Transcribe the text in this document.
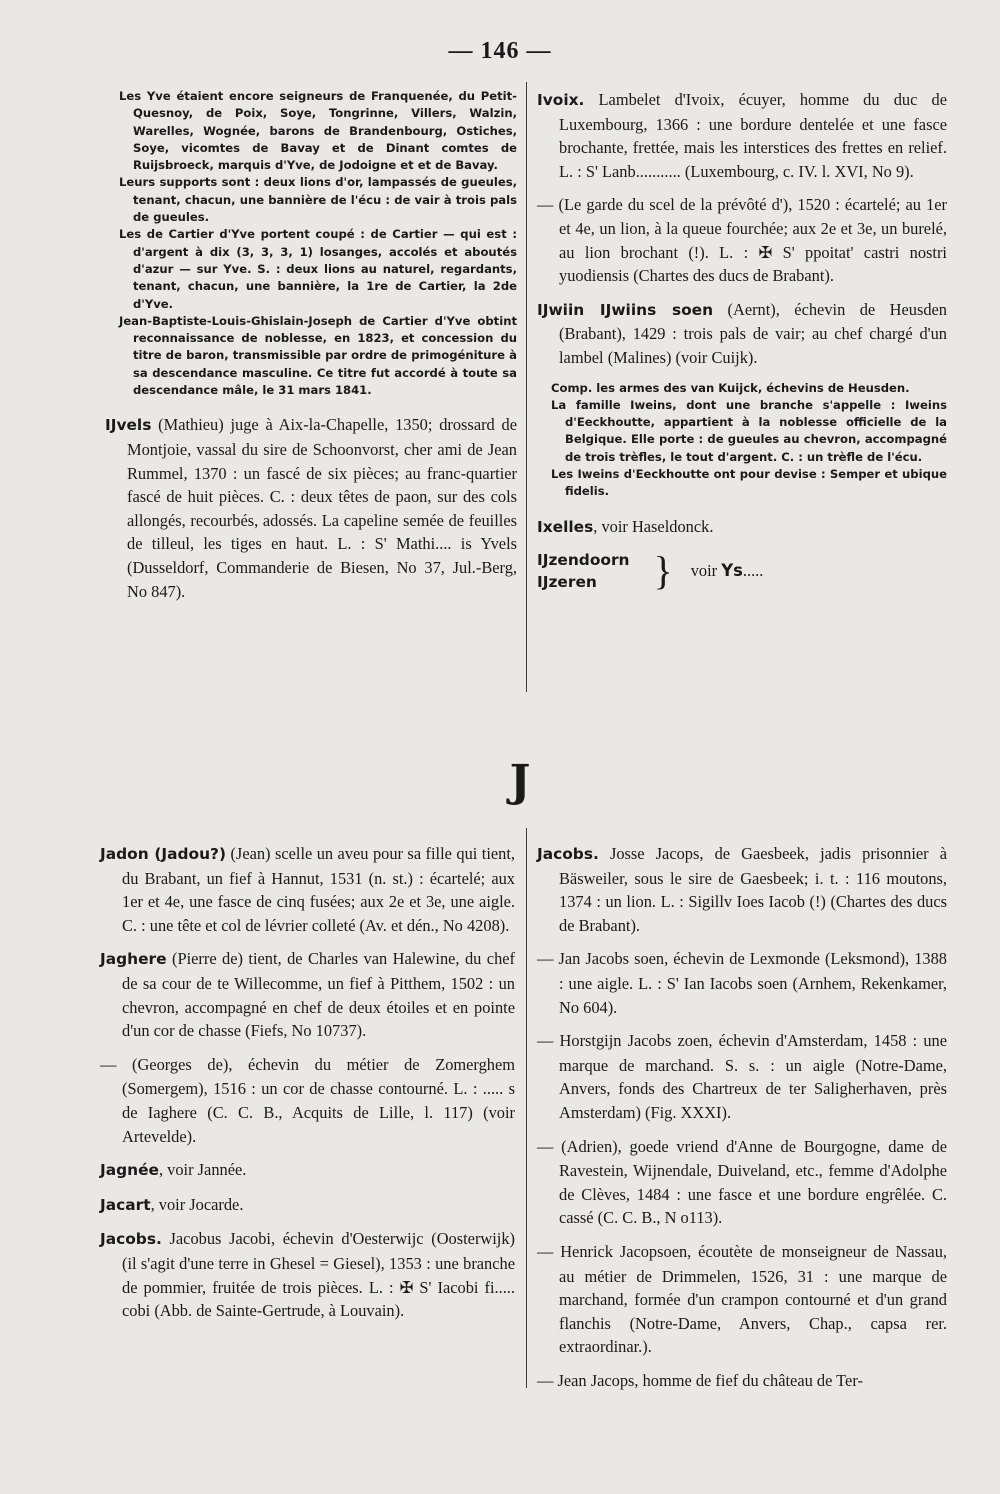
— 146 —

Les Yve étaient encore seigneurs de Franquenée, du Petit-Quesnoy, de Poix, Soye, Tongrinne, Villers, Walzin, Warelles, Wognée, barons de Brandenbourg, Ostiches, Soye, vicomtes de Bavay et de Dinant comtes de Ruijsbroeck, marquis d'Yve, de Jodoigne et et de Bavay.

Leurs supports sont : deux lions d'or, lampassés de gueules, tenant, chacun, une bannière de l'écu : de vair à trois pals de gueules.

Les de Cartier d'Yve portent coupé : de Cartier — qui est : d'argent à dix (3, 3, 3, 1) losanges, accolés et aboutés d'azur — sur Yve. S. : deux lions au naturel, regardants, tenant, chacun, une bannière, la 1re de Cartier, la 2de d'Yve.

Jean-Baptiste-Louis-Ghislain-Joseph de Cartier d'Yve obtint reconnaissance de noblesse, en 1823, et concession du titre de baron, transmissible par ordre de primogéniture à sa descendance masculine. Ce titre fut accordé à toute sa descendance mâle, le 31 mars 1841.

IJvels (Mathieu) juge à Aix-la-Chapelle, 1350; drossard de Montjoie, vassal du sire de Schoonvorst, cher ami de Jean Rummel, 1370 : un fascé de six pièces; au franc-quartier fascé de huit pièces. C. : deux têtes de paon, sur des cols allongés, recourbés, adossés. La capeline semée de feuilles de tilleul, les tiges en haut. L. : S' Mathi.... is Yvels (Dusseldorf, Commanderie de Biesen, No 37, Jul.-Berg, No 847).

Ivoix. Lambelet d'Ivoix, écuyer, homme du duc de Luxembourg, 1366 : une bordure dentelée et une fasce brochante, frettée, mais les interstices des frettes en relief. L. : S' Lanb........... (Luxembourg, c. IV. l. XVI, No 9).

— (Le garde du scel de la prévôté d'), 1520 : écartelé; au 1er et 4e, un lion, à la queue fourchée; aux 2e et 3e, un burelé, au lion brochant (!). L. : ✠ S' ppoitat' castri nostri yuodiensis (Chartes des ducs de Brabant).

IJwiin IJwiins soen (Aernt), échevin de Heusden (Brabant), 1429 : trois pals de vair; au chef chargé d'un lambel (Malines) (voir Cuijk).

Comp. les armes des van Kuijck, échevins de Heusden.

La famille Iweins, dont une branche s'appelle : Iweins d'Eeckhoutte, appartient à la noblesse officielle de la Belgique. Elle porte : de gueules au chevron, accompagné de trois trèfles, le tout d'argent. C. : un trèfle de l'écu.

Les Iweins d'Eeckhoutte ont pour devise : Semper et ubique fidelis.

Ixelles, voir Haseldonck.

IJzendoorn
IJzeren	} voir Ys.....
J

Jadon (Jadou?) (Jean) scelle un aveu pour sa fille qui tient, du Brabant, un fief à Hannut, 1531 (n. st.) : écartelé; aux 1er et 4e, une fasce de cinq fusées; aux 2e et 3e, une aigle. C. : une tête et col de lévrier colleté (Av. et dén., No 4208).

Jaghere (Pierre de) tient, de Charles van Halewine, du chef de sa cour de te Willecomme, un fief à Pitthem, 1502 : un chevron, accompagné en chef de deux étoiles et en pointe d'un cor de chasse (Fiefs, No 10737).

— (Georges de), échevin du métier de Zomerghem (Somergem), 1516 : un cor de chasse contourné. L. : ..... s de Iaghere (C. C. B., Acquits de Lille, l. 117) (voir Artevelde).

Jagnée, voir Jannée.

Jacart, voir Jocarde.

Jacobs. Jacobus Jacobi, échevin d'Oesterwijc (Oosterwijk) (il s'agit d'une terre in Ghesel = Giesel), 1353 : une branche de pommier, fruitée de trois pièces. L. : ✠ S' Iacobi fi..... cobi (Abb. de Sainte-Gertrude, à Louvain).

Jacobs. Josse Jacops, de Gaesbeek, jadis prisonnier à Bäsweiler, sous le sire de Gaesbeek; i. t. : 116 moutons, 1374 : un lion. L. : Sigillv Ioes Iacob (!) (Chartes des ducs de Brabant).

— Jan Jacobs soen, échevin de Lexmonde (Leksmond), 1388 : une aigle. L. : S' Ian Iacobs soen (Arnhem, Rekenkamer, No 604).

— Horstgijn Jacobs zoen, échevin d'Amsterdam, 1458 : une marque de marchand. S. s. : un aigle (Notre-Dame, Anvers, fonds des Chartreux de ter Saligherhaven, près Amsterdam) (Fig. XXXI).

— (Adrien), goede vriend d'Anne de Bourgogne, dame de Ravestein, Wijnendale, Duiveland, etc., femme d'Adolphe de Clèves, 1484 : une fasce et une bordure engrêlée. C. cassé (C. C. B., N o113).

— Henrick Jacopsoen, écoutète de monseigneur de Nassau, au métier de Drimmelen, 1526, 31 : une marque de marchand, formée d'un crampon contourné et d'un grand flanchis (Notre-Dame, Anvers, Chap., capsa rer. extraordinar.).

— Jean Jacops, homme de fief du château de Ter-
